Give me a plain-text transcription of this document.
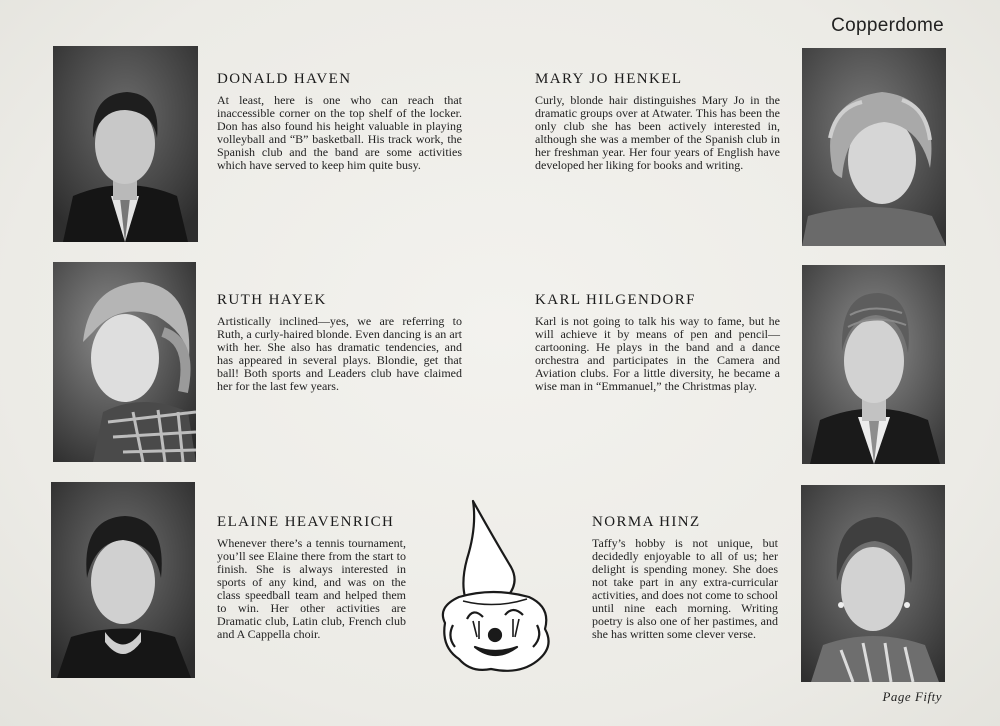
Copperdome
DONALD HAVEN

At least, here is one who can reach that inaccessible corner on the top shelf of the locker. Don has also found his height valuable in playing volleyball and “B” basketball. His track work, the Spanish club and the band are some activities which have served to keep him quite busy.

MARY JO HENKEL

Curly, blonde hair distinguishes Mary Jo in the dramatic groups over at Atwater. This has been the only club she has been actively interested in, although she was a member of the Spanish club in her freshman year. Her four years of English have developed her liking for books and writing.

RUTH HAYEK

Artistically inclined—yes, we are referring to Ruth, a curly-haired blonde. Even dancing is an art with her. She also has dramatic tendencies, and has appeared in several plays. Blondie, get that ball! Both sports and Leaders club have claimed her for the last few years.

KARL HILGENDORF

Karl is not going to talk his way to fame, but he will achieve it by means of pen and pencil—cartooning. He plays in the band and a dance orchestra and participates in the Camera and Aviation clubs. For a little diversity, he became a wise man in “Emmanuel,” the Christmas play.

ELAINE HEAVENRICH

Whenever there’s a tennis tournament, you’ll see Elaine there from the start to finish. She is always interested in sports of any kind, and was on the class speedball team and helped them to win. Her other activities are Dramatic club, Latin club, French club and A Cappella choir.

NORMA HINZ

Taffy’s hobby is not unique, but decidedly enjoyable to all of us; her delight is spending money. She does not take part in any extra-curricular activities, and does not come to school until nine each morning. Writing poetry is also one of her pastimes, and she has written some clever verse.

Page Fifty
